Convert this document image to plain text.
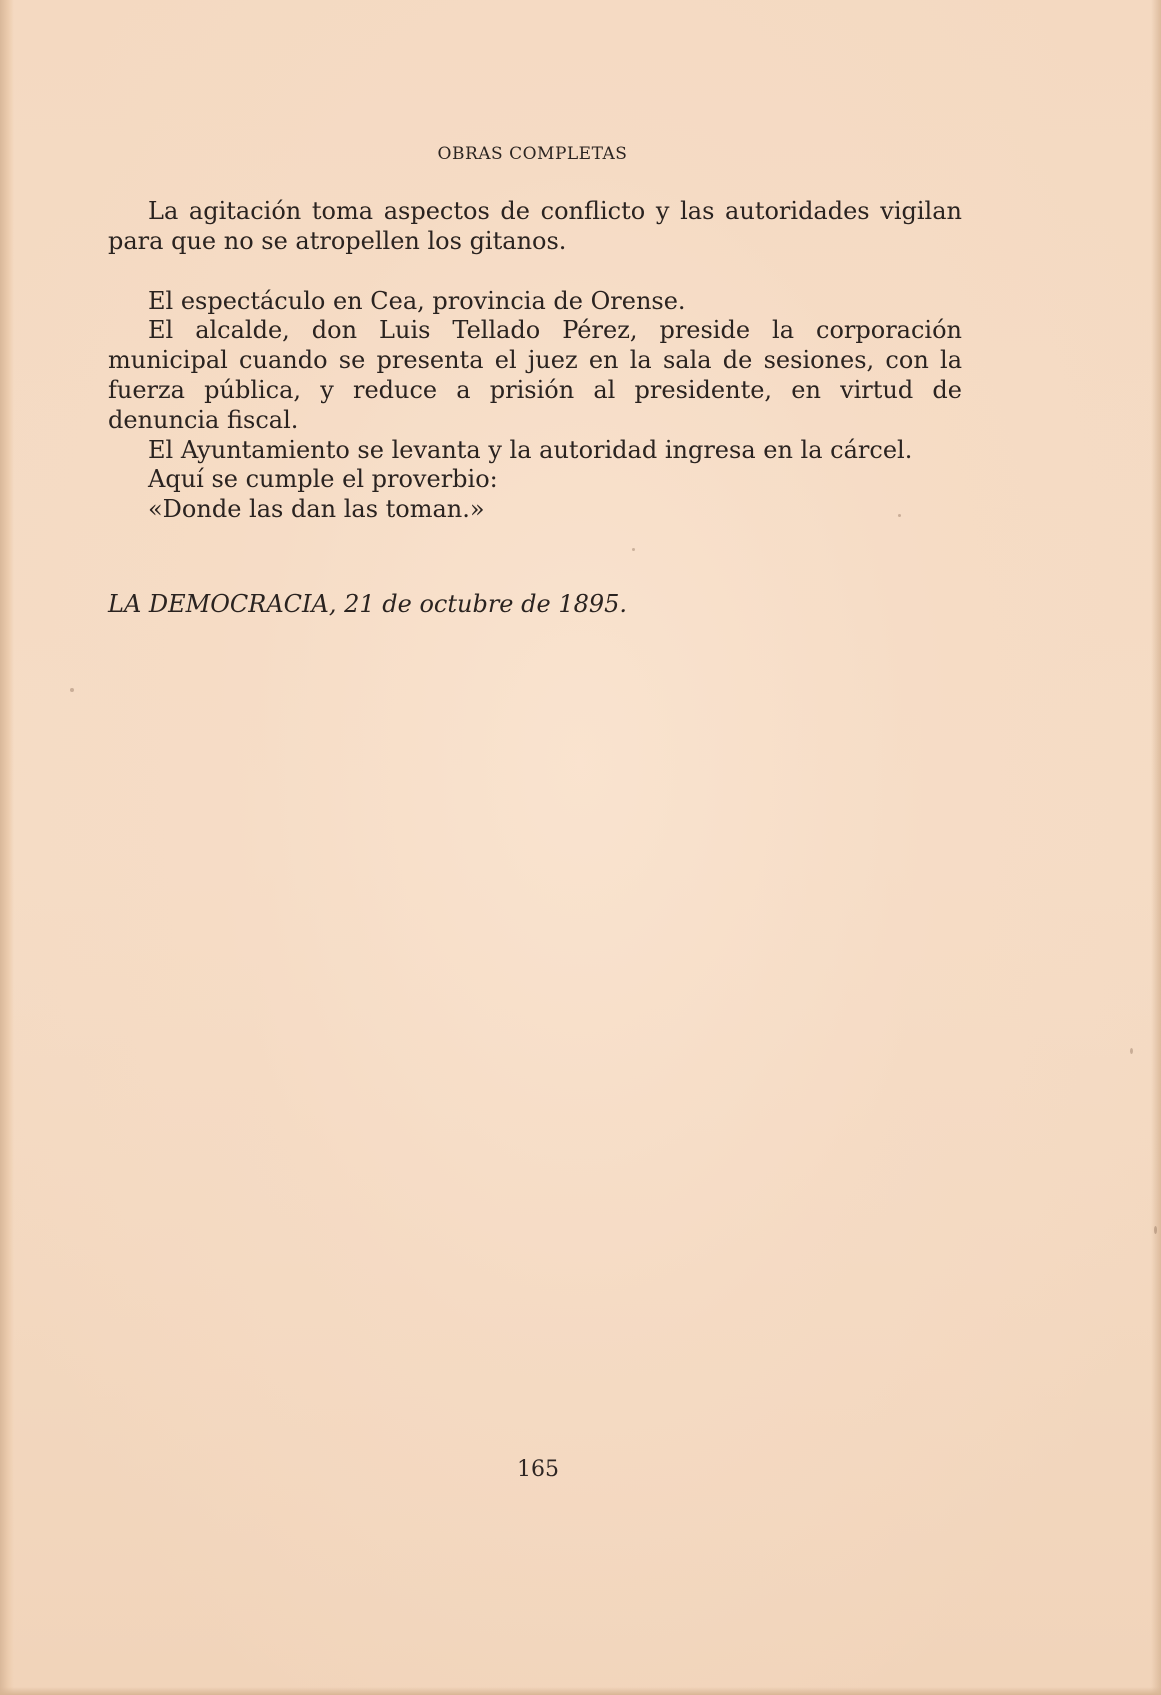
OBRAS COMPLETAS

La agitación toma aspectos de conflicto y las autoridades vigilan para que no se atropellen los gitanos.

El espectáculo en Cea, provincia de Orense.

El alcalde, don Luis Tellado Pérez, preside la corporación municipal cuando se presenta el juez en la sala de sesiones, con la fuerza pública, y reduce a prisión al presidente, en virtud de denuncia fiscal.

El Ayuntamiento se levanta y la autoridad ingresa en la cárcel.

Aquí se cumple el proverbio:

«Donde las dan las toman.»

LA DEMOCRACIA, 21 de octubre de 1895.
165
